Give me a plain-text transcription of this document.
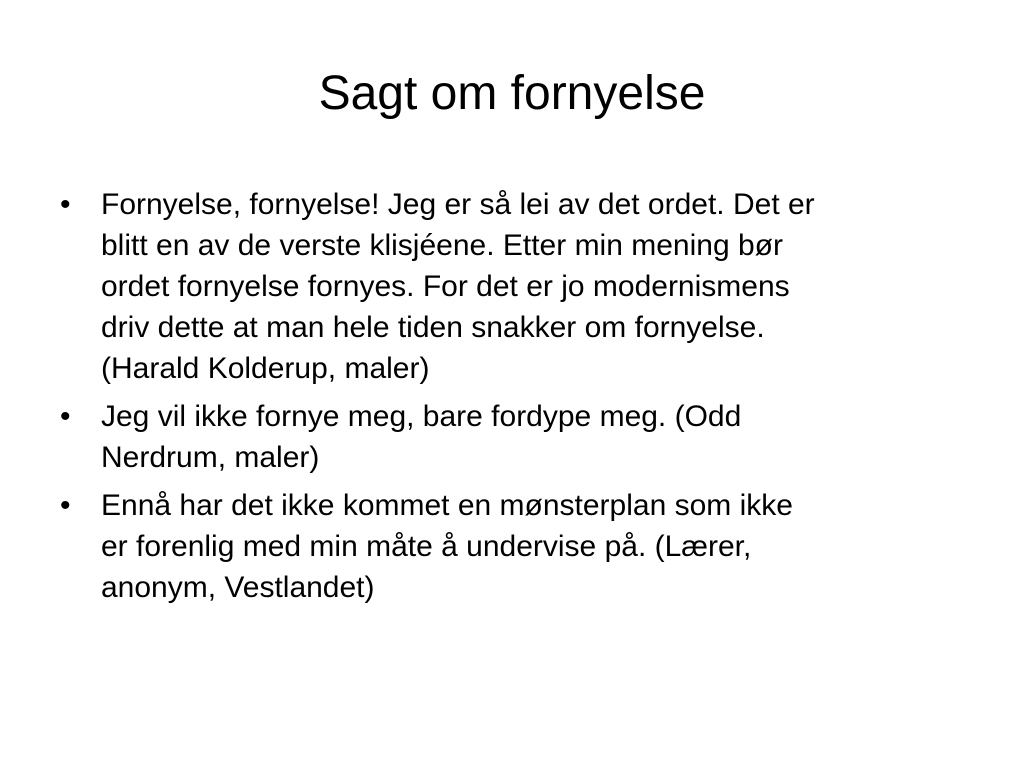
Sagt om fornyelse
•	Fornyelse, fornyelse! Jeg er så lei av det ordet. Det er
blitt en av de verste klisjéene. Etter min mening bør
ordet fornyelse fornyes. For det er jo modernismens
driv dette at man hele tiden snakker om fornyelse.
(Harald Kolderup, maler)
•	Jeg vil ikke fornye meg, bare fordype meg. (Odd
Nerdrum, maler)
•	Ennå har det ikke kommet en mønsterplan som ikke
er forenlig med min måte å undervise på. (Lærer,
anonym, Vestlandet)
